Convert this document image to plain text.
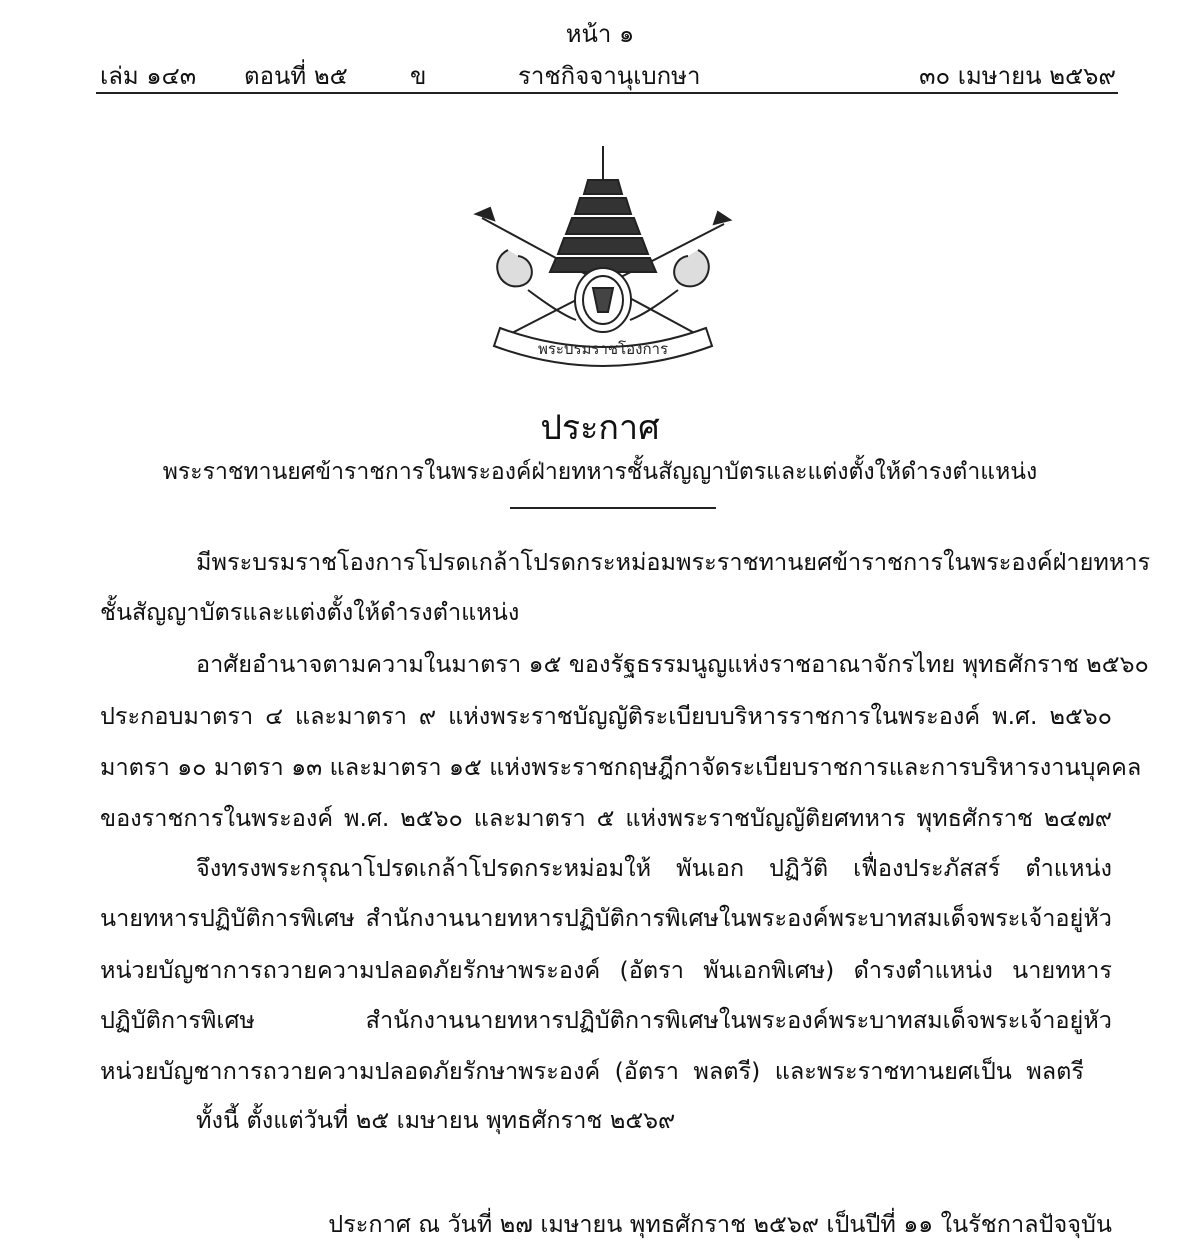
หน้า ๑
เล่ม ๑๔๓ ตอนที่ ๒๕	ข	ราชกิจจานุเบกษา	๓๐ เมษายน ๒๕๖๙
พระบรมราชโองการ
ประกาศ
พระราชทานยศข้าราชการในพระองค์ฝ่ายทหารชั้นสัญญาบัตรและแต่งตั้งให้ดำรงตำแหน่ง
มีพระบรมราชโองการโปรดเกล้าโปรดกระหม่อมพระราชทานยศข้าราชการในพระองค์ฝ่ายทหาร
ชั้นสัญญาบัตรและแต่งตั้งให้ดำรงตำแหน่ง
อาศัยอำนาจตามความในมาตรา ๑๕ ของรัฐธรรมนูญแห่งราชอาณาจักรไทย พุทธศักราช ๒๕๖๐
ประกอบมาตรา ๔ และมาตรา ๙ แห่งพระราชบัญญัติระเบียบบริหารราชการในพระองค์ พ.ศ. ๒๕๖๐
มาตรา ๑๐ มาตรา ๑๓ และมาตรา ๑๕ แห่งพระราชกฤษฎีกาจัดระเบียบราชการและการบริหารงานบุคคล
ของราชการในพระองค์ พ.ศ. ๒๕๖๐ และมาตรา ๕ แห่งพระราชบัญญัติยศทหาร พุทธศักราช ๒๔๗๙
จึงทรงพระกรุณาโปรดเกล้าโปรดกระหม่อมให้ พันเอก ปฏิวัติ เฟื่องประภัสสร์ ตำแหน่ง
นายทหารปฏิบัติการพิเศษ สำนักงานนายทหารปฏิบัติการพิเศษในพระองค์พระบาทสมเด็จพระเจ้าอยู่หัว
หน่วยบัญชาการถวายความปลอดภัยรักษาพระองค์ (อัตรา พันเอกพิเศษ) ดำรงตำแหน่ง นายทหาร
ปฏิบัติการพิเศษ สำนักงานนายทหารปฏิบัติการพิเศษในพระองค์พระบาทสมเด็จพระเจ้าอยู่หัว
หน่วยบัญชาการถวายความปลอดภัยรักษาพระองค์ (อัตรา พลตรี) และพระราชทานยศเป็น พลตรี
ทั้งนี้ ตั้งแต่วันที่ ๒๕ เมษายน พุทธศักราช ๒๕๖๙
ประกาศ ณ วันที่ ๒๗ เมษายน พุทธศักราช ๒๕๖๙ เป็นปีที่ ๑๑ ในรัชกาลปัจจุบัน
